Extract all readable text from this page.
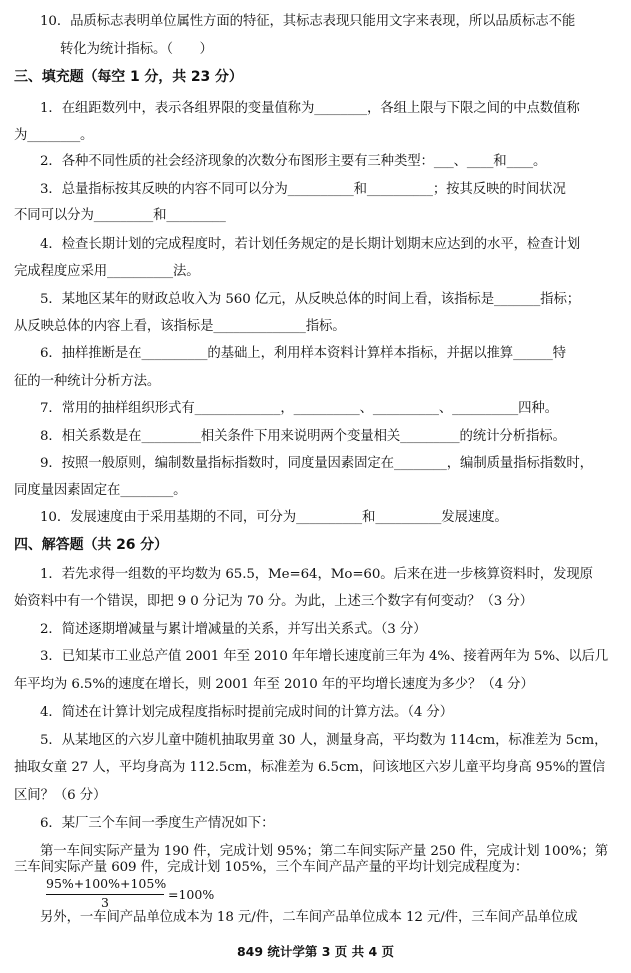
10．品质标志表明单位属性方面的特征，其标志表现只能用文字来表现，所以品质标志不能
转化为统计指标。（　　）
三、填充题（每空 1 分，共 23 分）
1．在组距数列中，表示各组界限的变量值称为________，各组上限与下限之间的中点数值称
为________。
2．各种不同性质的社会经济现象的次数分布图形主要有三种类型：___、____和____。
3．总量指标按其反映的内容不同可以分为__________和__________；按其反映的时间状况
不同可以分为_________和_________
4．检查长期计划的完成程度时，若计划任务规定的是长期计划期末应达到的水平，检查计划
完成程度应采用__________法。
5．某地区某年的财政总收入为 560 亿元，从反映总体的时间上看，该指标是_______指标；
从反映总体的内容上看，该指标是______________指标。
6．抽样推断是在__________的基础上，利用样本资料计算样本指标，并据以推算______特
征的一种统计分析方法。
7．常用的抽样组织形式有_____________，__________、__________、__________四种。
8．相关系数是在_________相关条件下用来说明两个变量相关_________的统计分析指标。
9．按照一般原则，编制数量指标指数时，同度量因素固定在________，编制质量指标指数时，
同度量因素固定在________。
10．发展速度由于采用基期的不同，可分为__________和__________发展速度。
四、解答题（共 26 分）
1．若先求得一组数的平均数为 65.5，Me=64，Mo=60。后来在进一步核算资料时，发现原
始资料中有一个错误，即把 9 0 分记为 70 分。为此，上述三个数字有何变动？（3 分）
2．简述逐期增减量与累计增减量的关系，并写出关系式。（3 分）
3．已知某市工业总产值 2001 年至 2010 年年增长速度前三年为 4%、接着两年为 5%、以后几
年平均为 6.5%的速度在增长，则 2001 年至 2010 年的平均增长速度为多少？（4 分）
4．简述在计算计划完成程度指标时提前完成时间的计算方法。（4 分）
5．从某地区的六岁儿童中随机抽取男童 30 人，测量身高，平均数为 114cm，标准差为 5cm，
抽取女童 27 人，平均身高为 112.5cm，标准差为 6.5cm，问该地区六岁儿童平均身高 95%的置信
区间？（6 分）
6．某厂三个车间一季度生产情况如下：
第一车间实际产量为 190 件，完成计划 95%；第二车间实际产量 250 件，完成计划 100%；第
三车间实际产量 609 件，完成计划 105%，三个车间产品产量的平均计划完成程度为：
95%+100%+105%
3
=100%
另外，一车间产品单位成本为 18 元/件，二车间产品单位成本 12 元/件，三车间产品单位成
849 统计学第 3 页 共 4 页
